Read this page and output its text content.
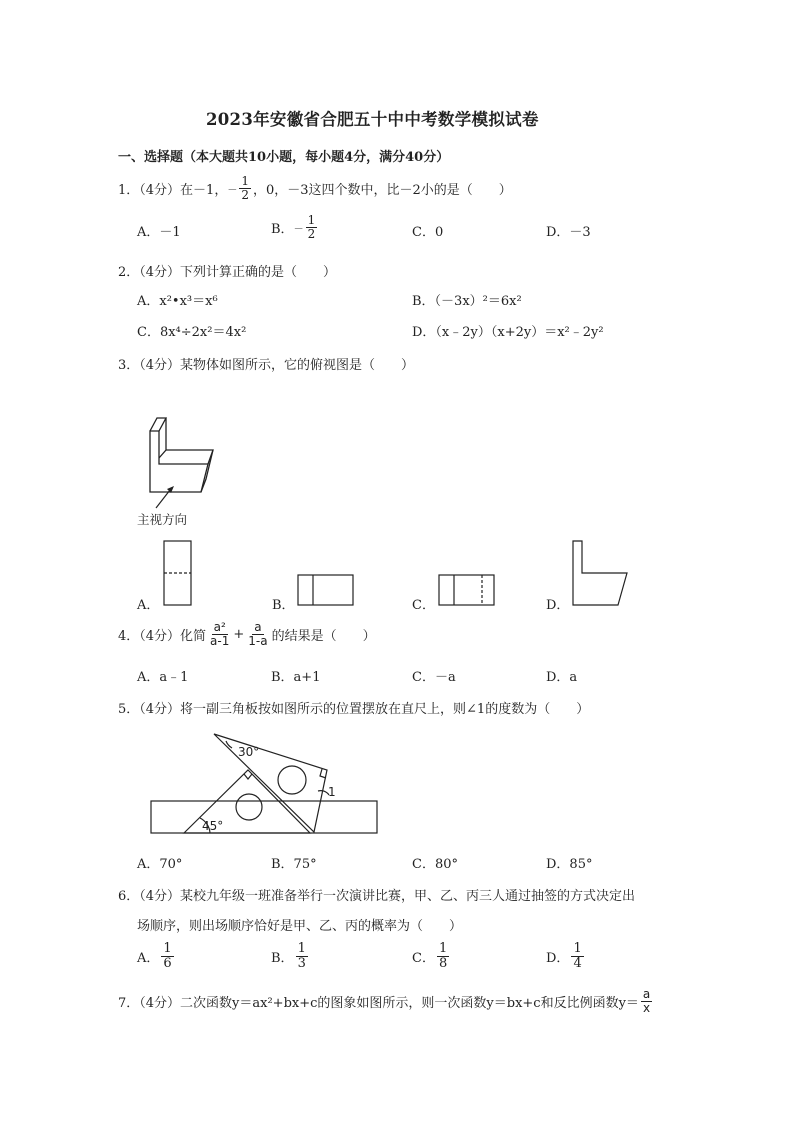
2023年安徽省合肥五十中中考数学模拟试卷
一、选择题（本大题共10小题，每小题4分，满分40分）
1．（4分）在－1， － $\frac{1}{2}$ ，0，－3这四个数中，比－2小的是（　　）
A．－1	B． － $\frac{1}{2}$	C．0	D．－3
2．（4分）下列计算正确的是（　　）
A．x²•x³＝x⁶	B．（－3x）²＝6x²
C．8x⁴÷2x²＝4x²	D．（x﹣2y）（x+2y）＝x²﹣2y²
3．（4分）某物体如图所示，它的俯视图是（　　）
主视方向
A．	B．	C．	D．
4．（4分）化简 $\frac{\text{a²}}{a-1} + \frac{a}{1-a}$ 的结果是（　　）
A．a﹣1	B．a+1	C．－a	D．a
5．（4分）将一副三角板按如图所示的位置摆放在直尺上，则∠1的度数为（　　）
30°
45°
1
A．70°	B．75°	C．80°	D．85°
6．（4分）某校九年级一班准备举行一次演讲比赛，甲、乙、丙三人通过抽签的方式决定出
场顺序，则出场顺序恰好是甲、乙、丙的概率为（　　）
A． $\frac{1}{6}$	B． $\frac{1}{3}$	C． $\frac{1}{8}$	D． $\frac{1}{4}$
7．（4分）二次函数y＝ax²+bx+c的图象如图所示，则一次函数y＝bx+c和反比例函数$y= \frac{a}{x}$
